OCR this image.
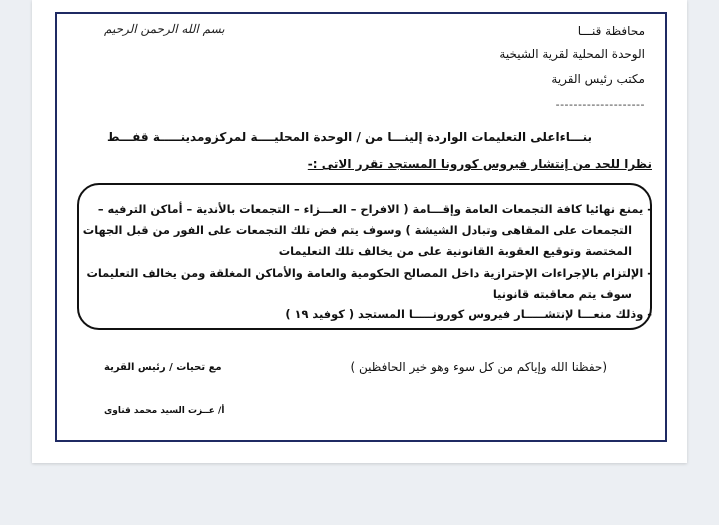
بسم الله الرحمن الرحيم	محافظة قنـــا
الوحدة المحلية لقرية الشيخية
مكتب رئيس القرية
--------------------
بنـــاءاعلى التعليمات الواردة إلينـــا من / الوحدة المحليــــة لمركزومدينـــــة قفـــط
نظرا للحد من إنتشار فيروس كورونا المستجد تقرر الاتى :-
- يمنع نهائيا كافة التجمعات العامة وإقـــامة ( الافراح – العـــزاء – التجمعات بالأندية – أماكن الترفيه –
التجمعات على المقاهى وتبادل الشيشة ) وسوف يتم فض تلك التجمعات على الفور من قبل الجهات
المختصة وتوقيع العقوبة القانونية على من يخالف تلك التعليمات
- الإلتزام بالإجراءات الإحترازية داخل المصالح الحكومية والعامة والأماكن المغلقة ومن يخالف التعليمات
سوف يتم معاقبته قانونيا
- وذلك منعـــا لإنتشـــــار فيروس كورونـــــا المستجد ( كوفيد ١٩ )
(حفظنا الله وإياكم من كل سوء وهو خير الحافظين )
مع تحيات / رئيس القرية
أ/ عــزت السيد محمد قناوى
